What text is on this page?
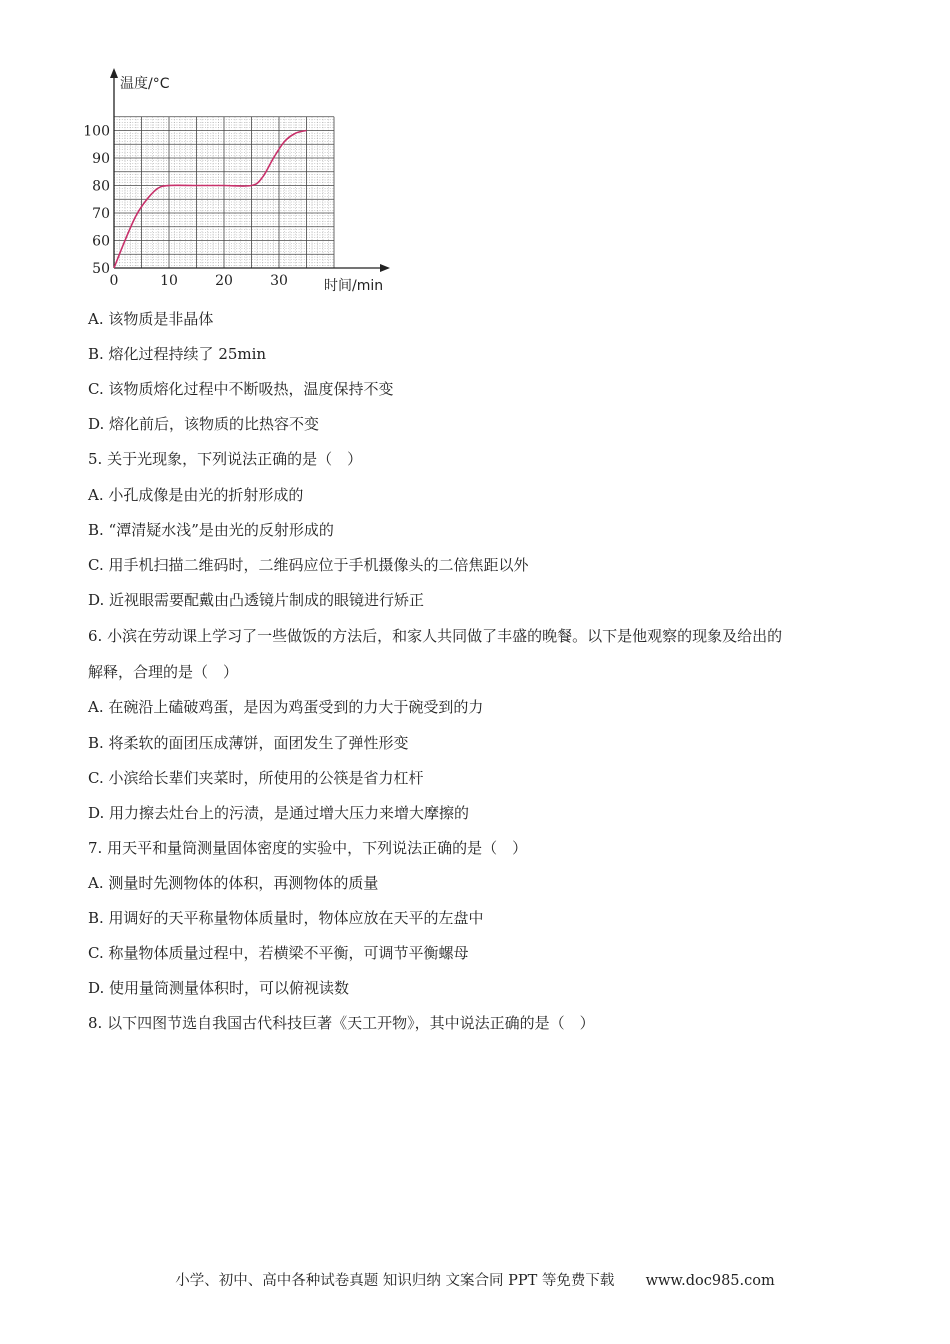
50
60
70
80
90
100
0	10	20	30
温度/°C
时间/min
A. 该物质是非晶体
B. 熔化过程持续了 25min
C. 该物质熔化过程中不断吸热，温度保持不变
D. 熔化前后，该物质的比热容不变
5. 关于光现象，下列说法正确的是（　）
A. 小孔成像是由光的折射形成的
B. “潭清疑水浅”是由光的反射形成的
C. 用手机扫描二维码时，二维码应位于手机摄像头的二倍焦距以外
D. 近视眼需要配戴由凸透镜片制成的眼镜进行矫正
6. 小滨在劳动课上学习了一些做饭的方法后，和家人共同做了丰盛的晚餐。以下是他观察的现象及给出的
解释，合理的是（　）
A. 在碗沿上磕破鸡蛋，是因为鸡蛋受到的力大于碗受到的力
B. 将柔软的面团压成薄饼，面团发生了弹性形变
C. 小滨给长辈们夹菜时，所使用的公筷是省力杠杆
D. 用力擦去灶台上的污渍，是通过增大压力来增大摩擦的
7. 用天平和量筒测量固体密度的实验中，下列说法正确的是（　）
A. 测量时先测物体的体积，再测物体的质量
B. 用调好的天平称量物体质量时，物体应放在天平的左盘中
C. 称量物体质量过程中，若横梁不平衡，可调节平衡螺母
D. 使用量筒测量体积时，可以俯视读数
8. 以下四图节选自我国古代科技巨著《天工开物》，其中说法正确的是（　）
小学、初中、高中各种试卷真题 知识归纳 文案合同 PPT 等免费下载 www.doc985.com
